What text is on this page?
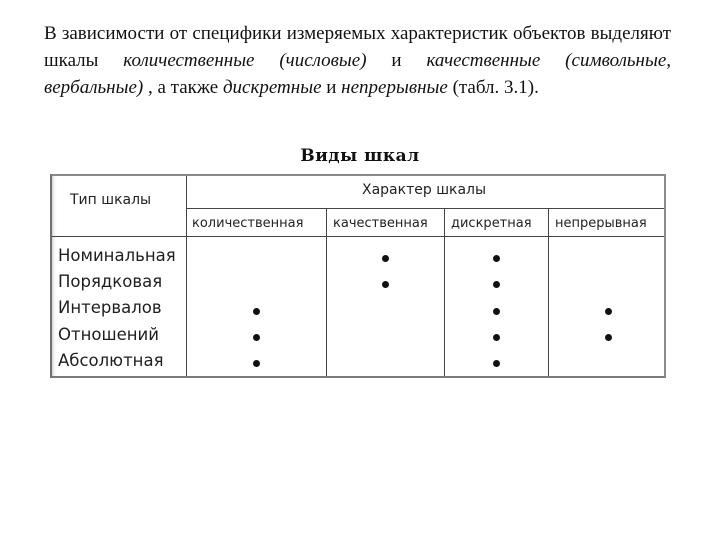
В зависимости от специфики измеряемых характеристик объектов выделяют шкалы количественные (числовые) и качественные (символьные, вербальные) , а также дискретные и непрерывные (табл. 3.1).

Виды шкал
Тип шкалы
Характер шкалы
количественная качественная дискретная непрерывная
Номинальная
Порядковая
Интервалов
Отношений
Абсолютная
